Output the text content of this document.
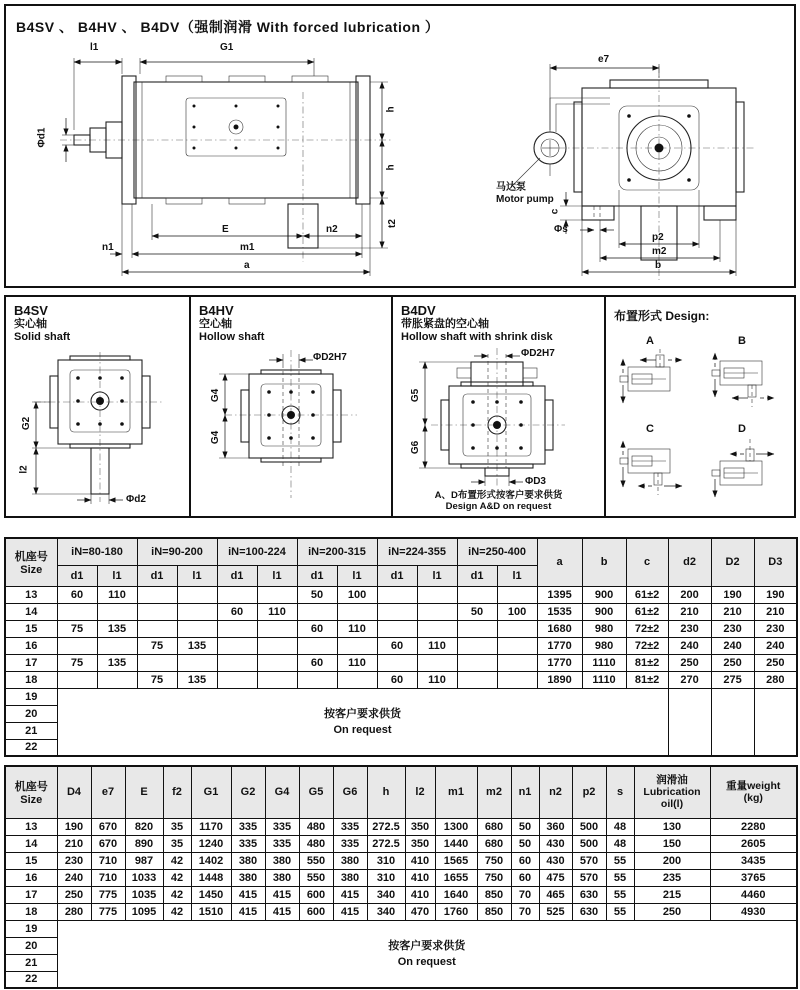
B4SV 、 B4HV 、 B4DV（强制润滑 With forced lubrication ）
l1	G1
Φd1
h
h
t2
E	n2
n1	m1
a
e7
c
Φs
p2
m2
b
马达泵
Motor pump
B4SV
实心轴
Solid shaft
G2
l2
Φd2
B4HV
空心轴
Hollow shaft
ΦD2H7
G4
G4
B4DV
带胀紧盘的空心轴
Hollow shaft with shrink disk
ΦD2H7
G5
G6
ΦD3
A、D布置形式按客户要求供货
Design A&D on request
布置形式 Design:
A	B
C	D
机座号
Size	iN=80-180		iN=90-200		iN=100-224		iN=200-315		iN=224-355		iN=250-400		a	b	c	d2	D2	D3
	d1	l1	d1	l1	d1	l1	d1	l1	d1	l1	d1	l1						
13	60	110					50	100					1395	900	61±2	200	190	190
14					60	110					50	100	1535	900	61±2	210	210	210
15	75	135					60	110					1680	980	72±2	230	230	230
16			75	135					60	110			1770	980	72±2	240	240	240
17	75	135					60	110					1770	1110	81±2	250	250	250
18			75	135					60	110			1890	1110	81±2	270	275	280
19	按客户要求供货
On request																	

20																		
21																		
22																		
机座号
Size	D4	e7	E	f2	G1	G2	G4	G5	G6	h	l2	m1	m2	n1	n2	p2	s	润滑油
Lubrication
oil(l)	重量weight
(kg)
13	190	670	820	35	1170	335	335	480	335	272.5	350	1300	680	50	360	500	48	130	2280
14	210	670	890	35	1240	335	335	480	335	272.5	350	1440	680	50	430	500	48	150	2605
15	230	710	987	42	1402	380	380	550	380	310	410	1565	750	60	430	570	55	200	3435
16	240	710	1033	42	1448	380	380	550	380	310	410	1655	750	60	475	570	55	235	3765
17	250	775	1035	42	1450	415	415	600	415	340	410	1640	850	70	465	630	55	215	4460
18	280	775	1095	42	1510	415	415	600	415	340	470	1760	850	70	525	630	55	250	4930
19	按客户要求供货
On request																		

20																			
21																			
22																			
